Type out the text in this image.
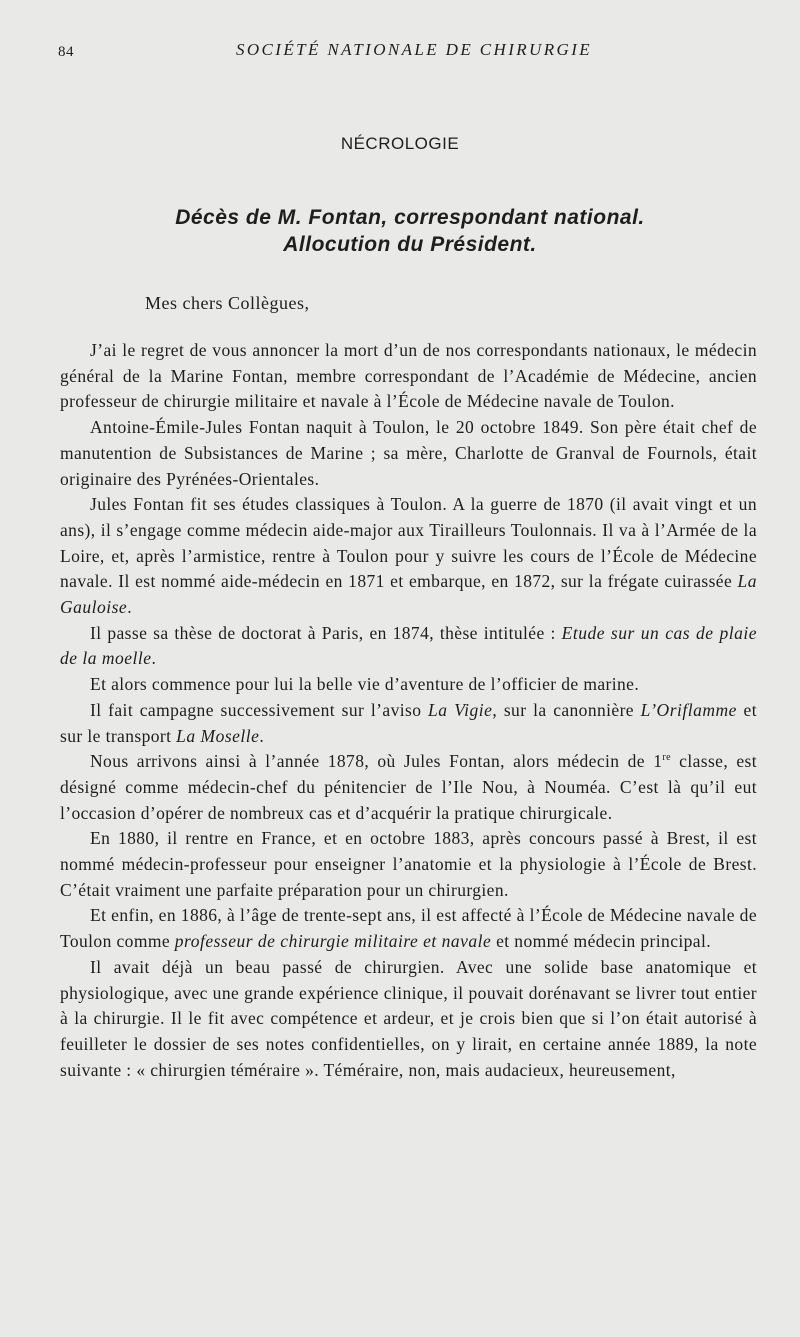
84	SOCIÉTÉ NATIONALE DE CHIRURGIE
NÉCROLOGIE
Décès de M. Fontan, correspondant national.
Allocution du Président.
Mes chers Collègues,

J’ai le regret de vous annoncer la mort d’un de nos correspondants nationaux, le médecin général de la Marine Fontan, membre correspondant de l’Académie de Médecine, ancien professeur de chirurgie militaire et navale à l’École de Médecine navale de Toulon.

Antoine-Émile-Jules Fontan naquit à Toulon, le 20 octobre 1849. Son père était chef de manutention de Subsistances de Marine ; sa mère, Charlotte de Granval de Fournols, était originaire des Pyrénées-Orientales.

Jules Fontan fit ses études classiques à Toulon. A la guerre de 1870 (il avait vingt et un ans), il s’engage comme médecin aide-major aux Tirailleurs Toulonnais. Il va à l’Armée de la Loire, et, après l’armistice, rentre à Toulon pour y suivre les cours de l’École de Médecine navale. Il est nommé aide-médecin en 1871 et embarque, en 1872, sur la frégate cuirassée La Gauloise.

Il passe sa thèse de doctorat à Paris, en 1874, thèse intitulée : Etude sur un cas de plaie de la moelle.

Et alors commence pour lui la belle vie d’aventure de l’officier de marine.

Il fait campagne successivement sur l’aviso La Vigie, sur la canonnière L’Oriflamme et sur le transport La Moselle.

Nous arrivons ainsi à l’année 1878, où Jules Fontan, alors médecin de 1re classe, est désigné comme médecin-chef du pénitencier de l’Ile Nou, à Nouméa. C’est là qu’il eut l’occasion d’opérer de nombreux cas et d’acquérir la pratique chirurgicale.

En 1880, il rentre en France, et en octobre 1883, après concours passé à Brest, il est nommé médecin-professeur pour enseigner l’anatomie et la physiologie à l’École de Brest. C’était vraiment une parfaite préparation pour un chirurgien.

Et enfin, en 1886, à l’âge de trente-sept ans, il est affecté à l’École de Médecine navale de Toulon comme professeur de chirurgie militaire et navale et nommé médecin principal.

Il avait déjà un beau passé de chirurgien. Avec une solide base anatomique et physiologique, avec une grande expérience clinique, il pouvait dorénavant se livrer tout entier à la chirurgie. Il le fit avec compétence et ardeur, et je crois bien que si l’on était autorisé à feuilleter le dossier de ses notes confidentielles, on y lirait, en certaine année 1889, la note suivante : « chirurgien téméraire ». Téméraire, non, mais audacieux, heureusement,
